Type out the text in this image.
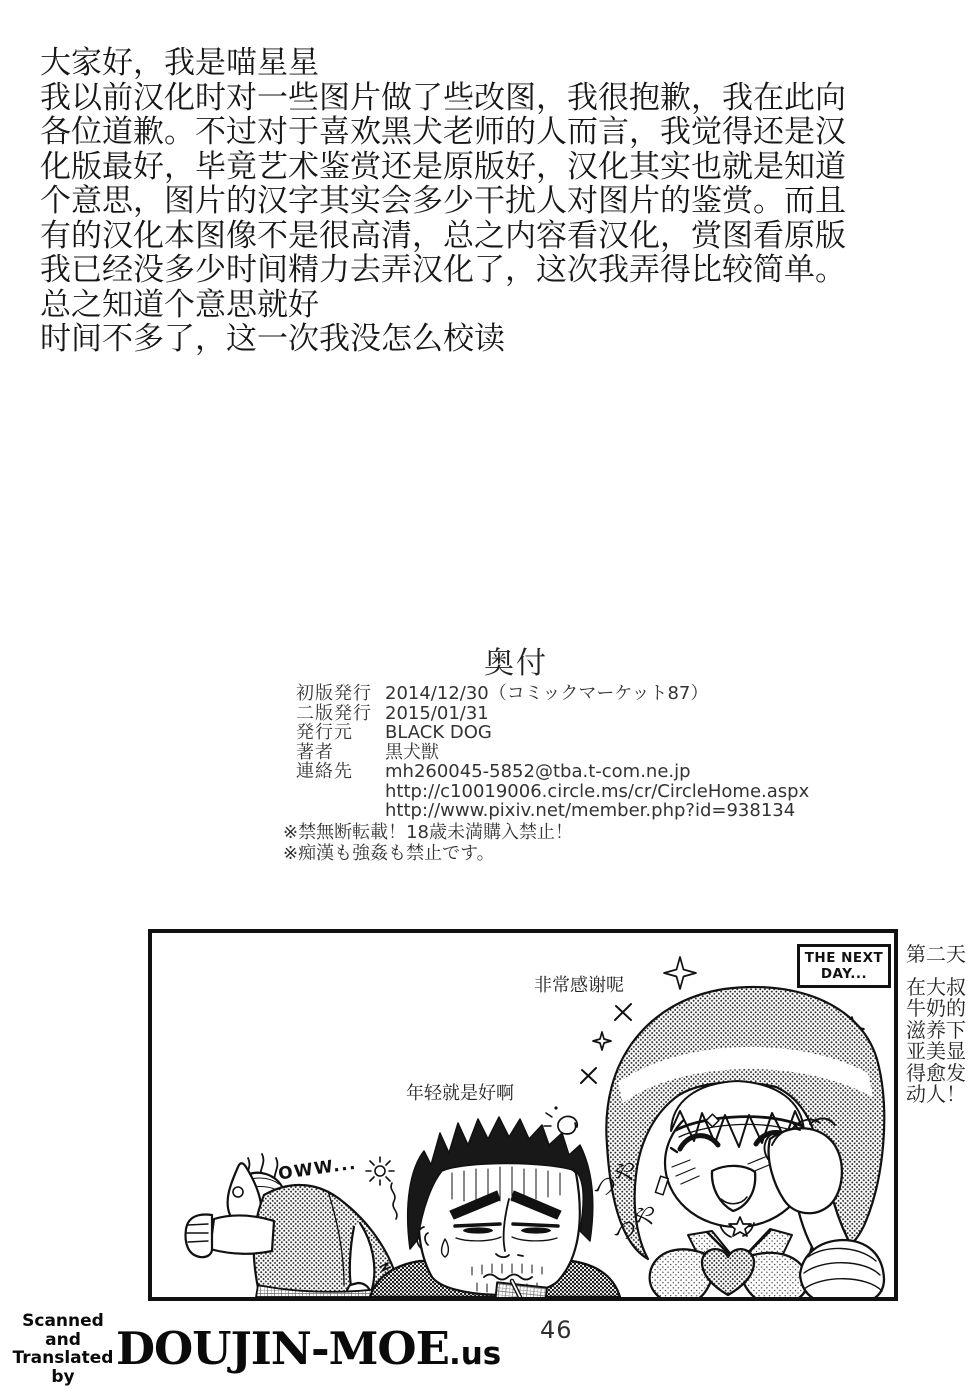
大家好，我是喵星星
我以前汉化时对一些图片做了些改图，我很抱歉，我在此向
各位道歉。不过对于喜欢黑犬老师的人而言，我觉得还是汉
化版最好，毕竟艺术鉴赏还是原版好，汉化其实也就是知道
个意思，图片的汉字其实会多少干扰人对图片的鉴赏。而且
有的汉化本图像不是很高清，总之内容看汉化，赏图看原版
我已经没多少时间精力去弄汉化了，这次我弄得比较简单。
总之知道个意思就好
时间不多了，这一次我没怎么校读
奥付
初版発行 2014/12/30（コミックマーケット87）
二版発行 2015/01/31
発行元 BLACK DOG
著者	黒犬獣
連絡先 mh260045-5852@tba.t-com.ne.jp
http://c10019006.circle.ms/cr/CircleHome.aspx
http://www.pixiv.net/member.php?id=938134
※禁無断転載！18歳未満購入禁止！
※痴漢も強姦も禁止です。
つや
つや
THE NEXT DAY...
非常感谢呢
年轻就是好啊
OWW...
第二天
在大叔
牛奶的
滋养下
亚美显
得愈发
动人！
46
Scanned
and
Translated
by
DOUJIN-MOE.us
